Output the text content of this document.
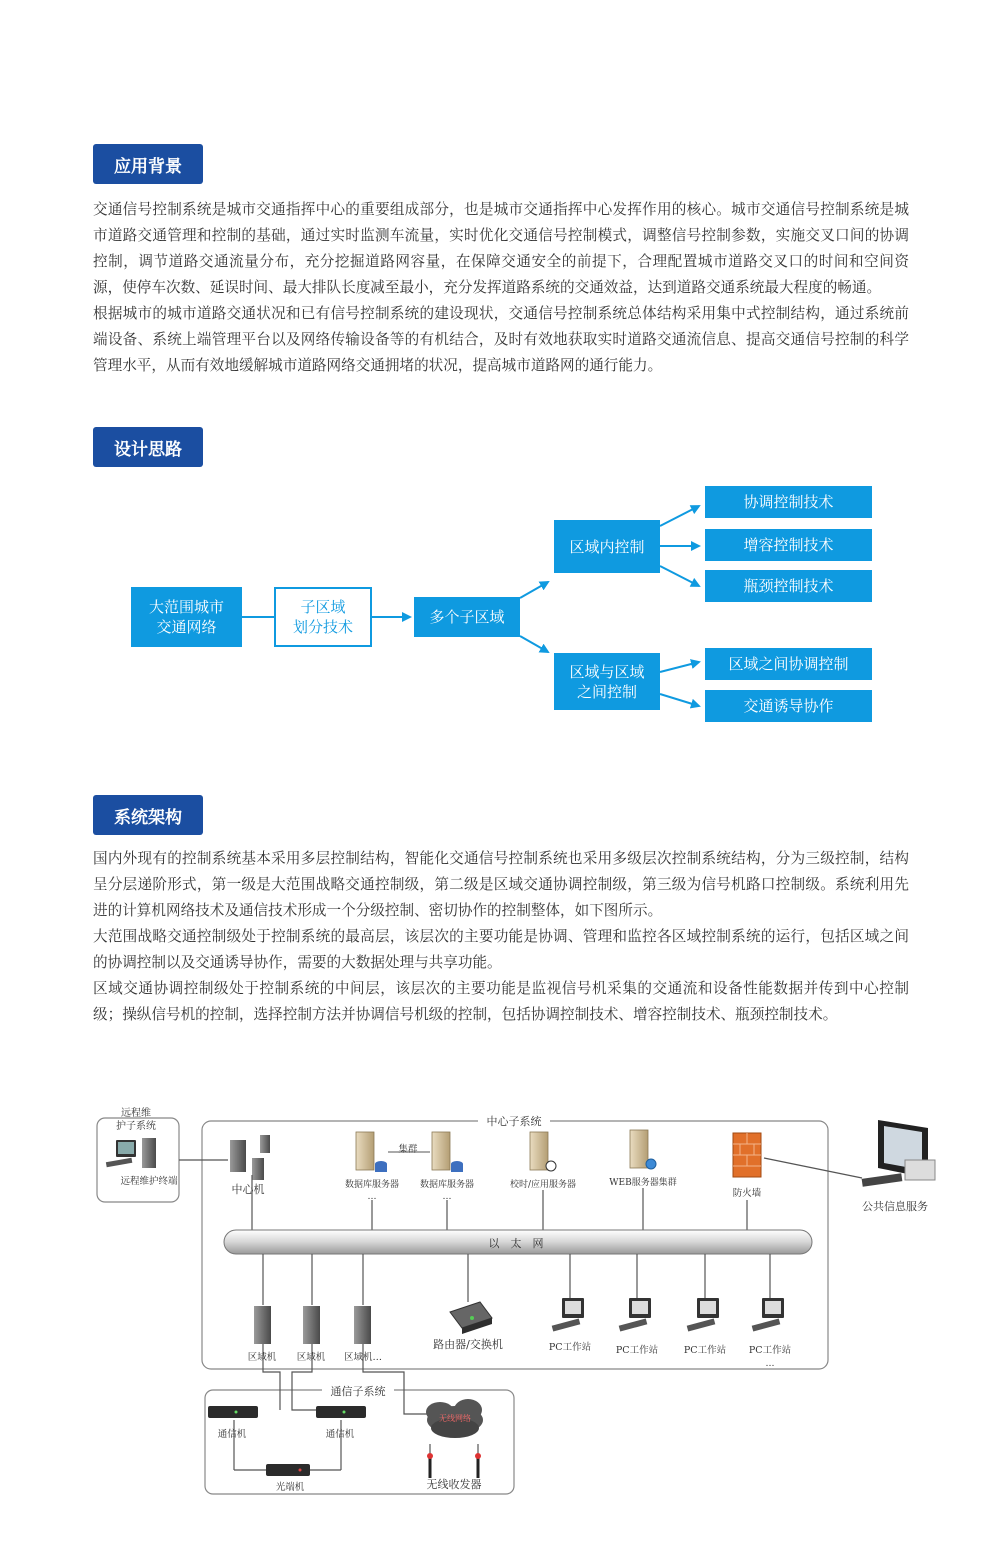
应用背景

交通信号控制系统是城市交通指挥中心的重要组成部分，也是城市交通指挥中心发挥作用的核心。城市交通信号控制系统是城市道路交通管理和控制的基础，通过实时监测车流量，实时优化交通信号控制模式，调整信号控制参数，实施交叉口间的协调控制，调节道路交通流量分布，充分挖掘道路网容量，在保障交通安全的前提下，合理配置城市道路交叉口的时间和空间资源，使停车次数、延误时间、最大排队长度减至最小，充分发挥道路系统的交通效益，达到道路交通系统最大程度的畅通。

根据城市的城市道路交通状况和已有信号控制系统的建设现状，交通信号控制系统总体结构采用集中式控制结构，通过系统前端设备、系统上端管理平台以及网络传输设备等的有机结合，及时有效地获取实时道路交通流信息、提高交通信号控制的科学管理水平，从而有效地缓解城市道路网络交通拥堵的状况，提高城市道路网的通行能力。

设计思路
大范围城市
交通网络
子区域
划分技术
多个子区域
区域内控制
区域与区域
之间控制
协调控制技术
增容控制技术
瓶颈控制技术
区域之间协调控制
交通诱导协作
系统架构

国内外现有的控制系统基本采用多层控制结构，智能化交通信号控制系统也采用多级层次控制系统结构，分为三级控制，结构呈分层递阶形式，第一级是大范围战略交通控制级，第二级是区域交通协调控制级，第三级为信号机路口控制级。系统利用先进的计算机网络技术及通信技术形成一个分级控制、密切协作的控制整体，如下图所示。

大范围战略交通控制级处于控制系统的最高层，该层次的主要功能是协调、管理和监控各区域控制系统的运行，包括区域之间的协调控制以及交通诱导协作，需要的大数据处理与共享功能。

区域交通协调控制级处于控制系统的中间层，该层次的主要功能是监视信号机采集的交通流和设备性能数据并传到中心控制级；操纵信号机的控制，选择控制方法并协调信号机级的控制，包括协调控制技术、增容控制技术、瓶颈控制技术。

中心子系统
通信子系统
远程维
护子系统
远程维护终端
中心机
集群
数据库服务器 数据库服务器
…	…
校时/应用服务器	WEB服务器集群
防火墙
公共信息服务
以　太　网
区域机 区域机 区域机…
路由器/交换机	PC工作站	PC工作站	PC工作站 PC工作站
…
通信机	通信机
光端机
无线网络
无线收发器
